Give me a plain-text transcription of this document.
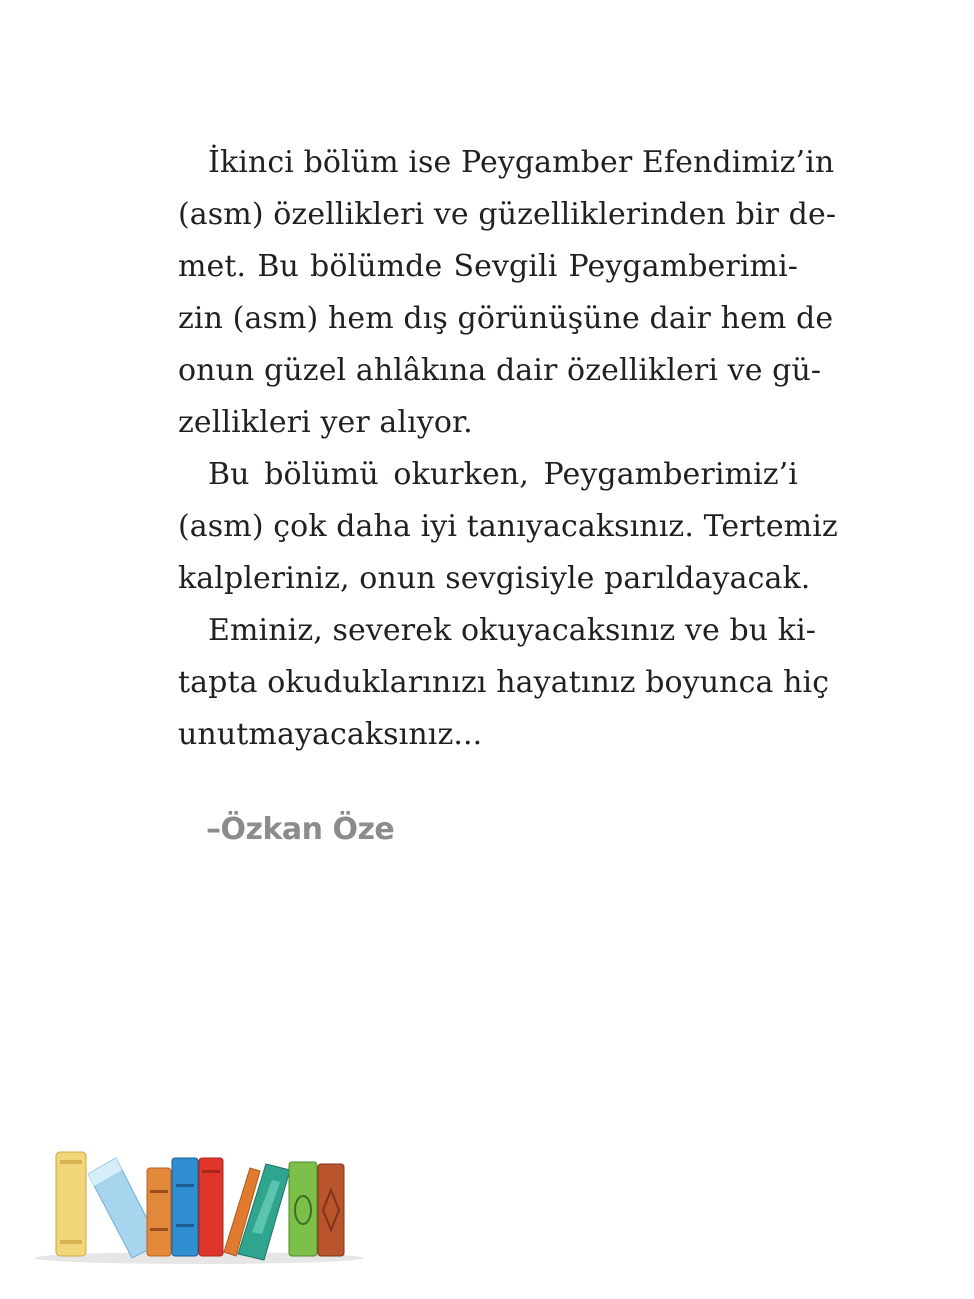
İkinci bölüm ise Peygamber Efendimiz’in
(asm) özellikleri ve güzelliklerinden bir de-
met. Bu bölümde Sevgili Peygamberimi-
zin (asm) hem dış görünüşüne dair hem de
onun güzel ahlâkına dair özellikleri ve gü-
zellikleri yer alıyor.

Bu bölümü okurken, Peygamberimiz’i
(asm) çok daha iyi tanıyacaksınız. Tertemiz
kalpleriniz, onun sevgisiyle parıldayacak.

Eminiz, severek okuyacaksınız ve bu ki-
tapta okuduklarınızı hayatınız boyunca hiç
unutmayacaksınız...

–Özkan Öze
